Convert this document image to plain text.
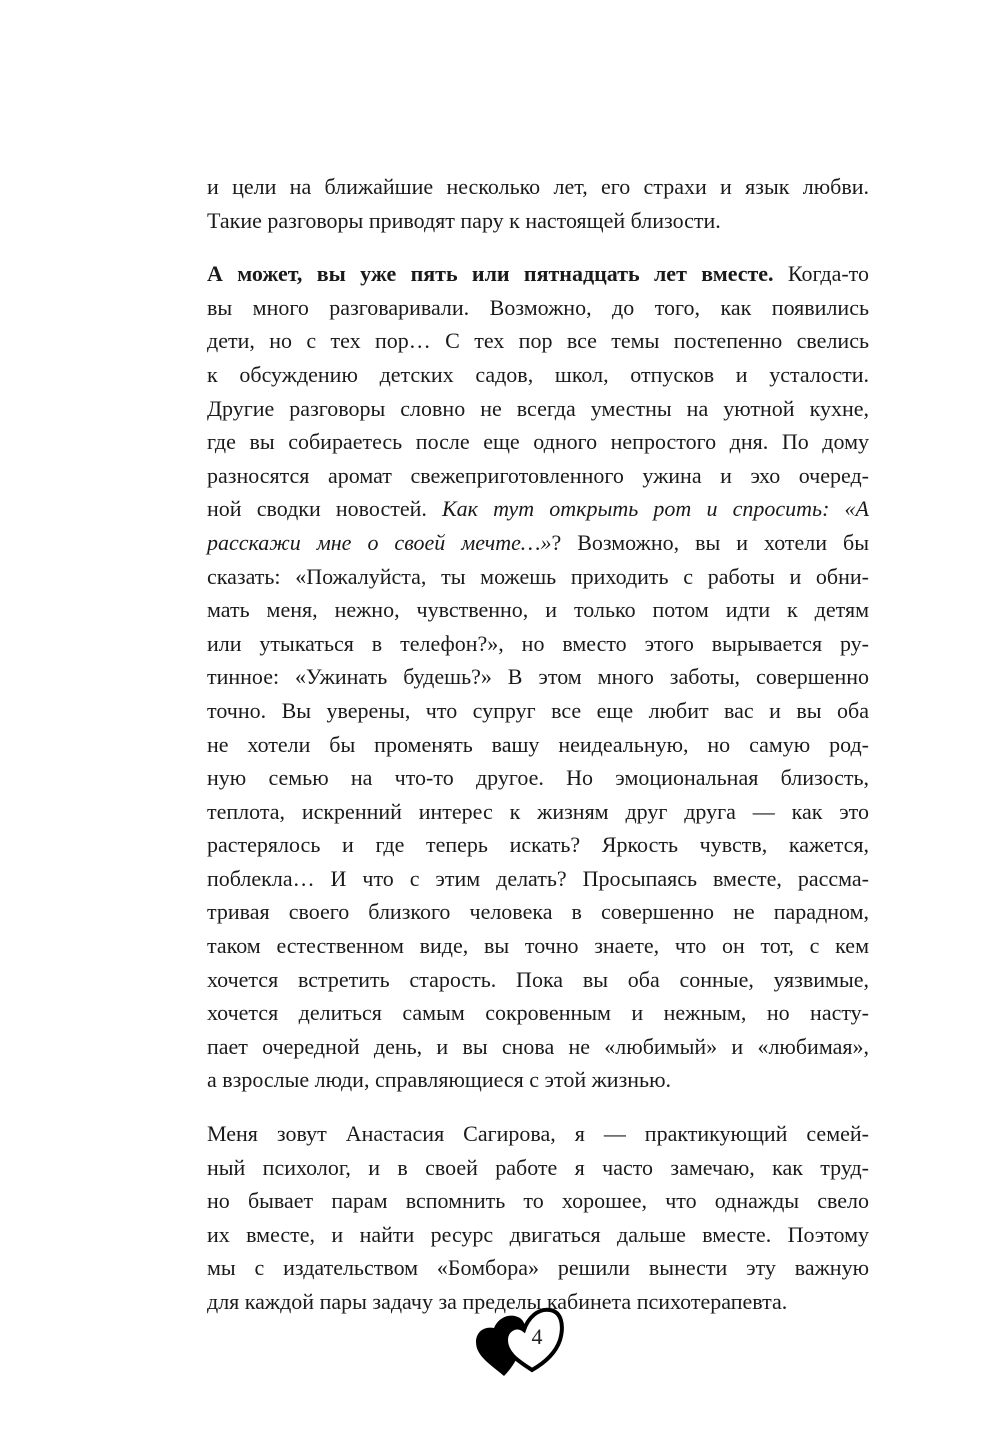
и цели на ближайшие несколько лет, его страхи и язык любви.
Такие разговоры приводят пару к настоящей близости.
А может, вы уже пять или пятнадцать лет вместе. Когда-то
вы много разговаривали. Возможно, до того, как появились
дети, но с тех пор… С тех пор все темы постепенно свелись
к обсуждению детских садов, школ, отпусков и усталости.
Другие разговоры словно не всегда уместны на уютной кухне,
где вы собираетесь после еще одного непростого дня. По дому
разносятся аромат свежеприготовленного ужина и эхо очеред-
ной сводки новостей. Как тут открыть рот и спросить: «А
расскажи мне о своей мечте…»? Возможно, вы и хотели бы
сказать: «Пожалуйста, ты можешь приходить с работы и обни-
мать меня, нежно, чувственно, и только потом идти к детям
или утыкаться в телефон?», но вместо этого вырывается ру-
тинное: «Ужинать будешь?» В этом много заботы, совершенно
точно. Вы уверены, что супруг все еще любит вас и вы оба
не хотели бы променять вашу неидеальную, но самую род-
ную семью на что-то другое. Но эмоциональная близость,
теплота, искренний интерес к жизням друг друга — как это
растерялось и где теперь искать? Яркость чувств, кажется,
поблекла… И что с этим делать? Просыпаясь вместе, рассма-
тривая своего близкого человека в совершенно не парадном,
таком естественном виде, вы точно знаете, что он тот, с кем
хочется встретить старость. Пока вы оба сонные, уязвимые,
хочется делиться самым сокровенным и нежным, но насту-
пает очередной день, и вы снова не «любимый» и «любимая»,
а взрослые люди, справляющиеся с этой жизнью.
Меня зовут Анастасия Сагирова, я — практикующий семей-
ный психолог, и в своей работе я часто замечаю, как труд-
но бывает парам вспомнить то хорошее, что однажды свело
их вместе, и найти ресурс двигаться дальше вместе. Поэтому
мы с издательством «Бомбора» решили вынести эту важную
для каждой пары задачу за пределы кабинета психотерапевта.
4
